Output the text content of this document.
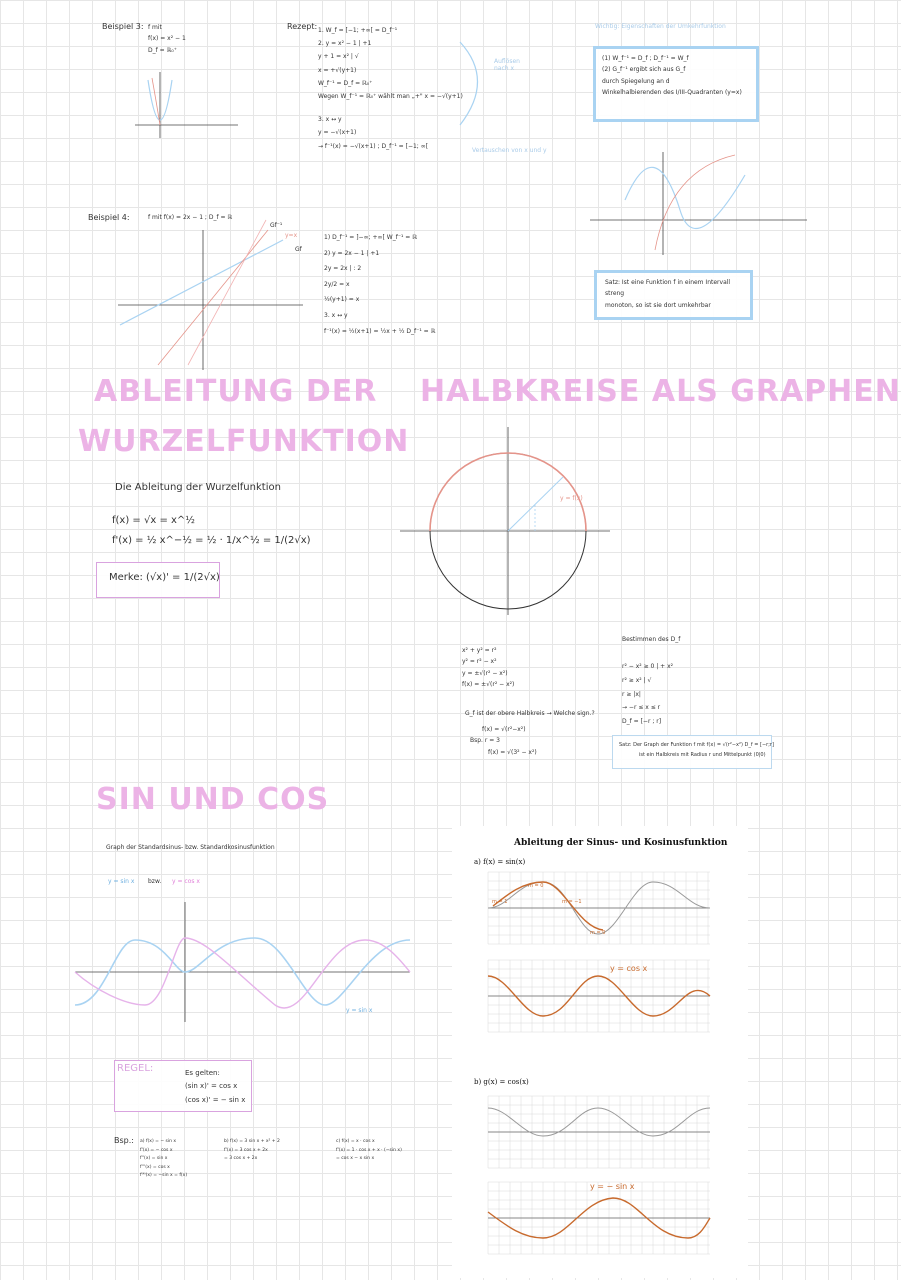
Beispiel 3: f mit
f(x) = x² − 1
D_f = ℝ₀⁺
Rezept: 1. W_f = [−1; +∞[ = D_f⁻¹
2. y = x² − 1 | +1
y + 1 = x² | √
x = +√(y+1)
W_f⁻¹ = D_f = ℝ₀⁺
Wegen W_f⁻¹ = ℝ₀⁺ wählt man „+" x = −√(y+1)
3. x ↔ y
y = −√(x+1)
→ f⁻¹(x) = −√(x+1) ; D_f⁻¹ = [−1; ∞[
Auflösen nach x
Vertauschen von x und y
Wichtig: Eigenschaften der Umkehrfunktion
(1) W_f⁻¹ = D_f ; D_f⁻¹ = W_f
(2) G_f⁻¹ ergibt sich aus G_f
durch Spiegelung an d
Winkelhalbierenden des I/III-Quadranten (y=x)
Satz: Ist eine Funktion f in einem Intervall streng
monoton, so ist sie dort umkehrbar
Beispiel 4:	f mit f(x) = 2x − 1 ; D_f = ℝ
Gf⁻¹
y=x
Gf
1) D_f⁻¹ = ]−∞; +∞[ W_f⁻¹ = ℝ
2) y = 2x − 1 | +1
2y = 2x | : 2
2y/2 = x
½(y+1) = x
3. x ↔ y
f⁻¹(x) = ½(x+1) = ½x + ½ D_f⁻¹ = ℝ
ABLEITUNG DER
WURZELFUNKTION
Die Ableitung der Wurzelfunktion
f(x) = √x = x^½
f'(x) = ½ x^−½ = ½ · 1/x^½ = 1/(2√x)
Merke: (√x)' = 1/(2√x)
HALBKREISE ALS GRAPHEN
y = f(x)
x² + y² = r²
y² = r² − x²
y = ±√(r² − x²)
f(x) = ±√(r² − x²)
G_f ist der obere Halbkreis → Welche sign.?
f(x) = √(r²−x²)
Bsp. r = 3
f(x) = √(3² − x²)
Bestimmen des D_f
r² − x² ≥ 0 | + x²
r² ≥ x² | √
r ≥ |x|
→ −r ≤ x ≤ r
D_f = [−r ; r]
Satz: Der Graph der Funktion f mit f(x) = √(r²−x²) D_f = [−r;r]
ist ein Halbkreis mit Radius r und Mittelpunkt (0|0)
SIN UND COS
Graph der Standardsinus- bzw. Standardkosinusfunktion
y = sin x bzw. y = cos x
y = sin x
REGEL:	Es gelten:
(sin x)' = cos x
(cos x)' = − sin x
Bsp.: a) f(x) = − sin x
f'(x) = − cos x
f''(x) = sin x
f'''(x) = cos x
f⁽⁴⁾(x) = −sin x = f(x)
b) f(x) = 3 sin x + x² + 2
f'(x) = 3 cos x + 2x
= 3 cos x + 2x
c) f(x) = x · cos x
f'(x) = 1 · cos x + x · (−sin x)
= cos x − x sin x
Ableitung der Sinus- und Kosinusfunktion
a) f(x) = sin(x)
m = 0
m = 1	m = −1
m = 0
y = cos x
b) g(x) = cos(x)
y = − sin x
